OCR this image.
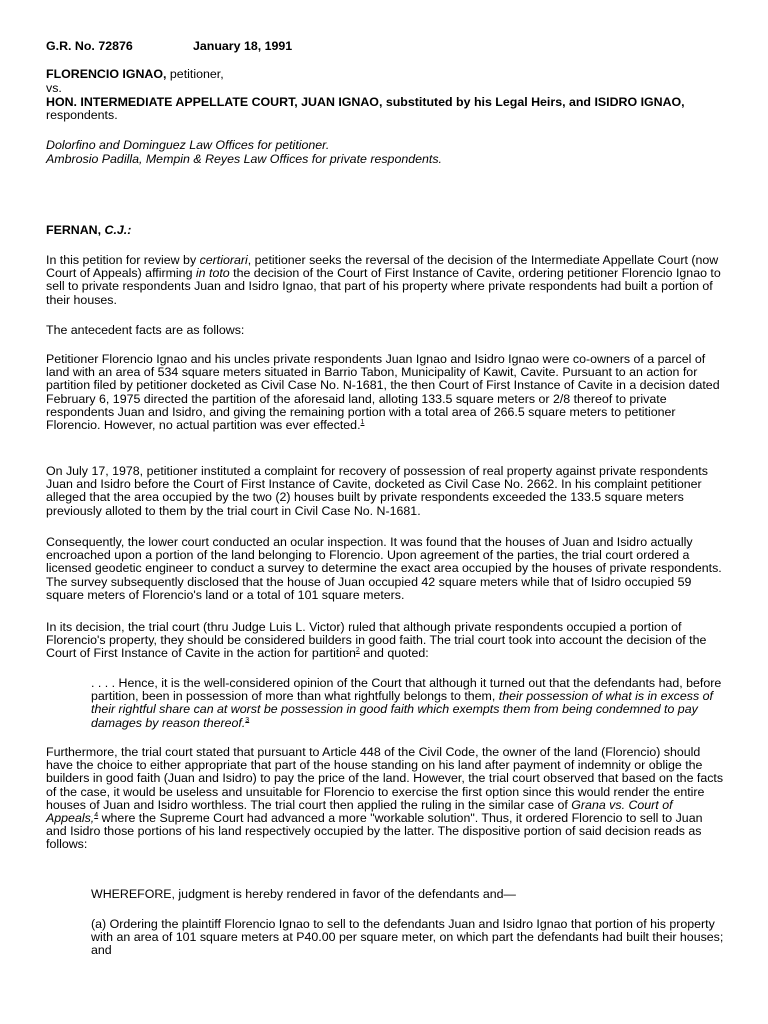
G.R. No. 72876	January 18, 1991
FLORENCIO IGNAO, petitioner,
vs.
HON. INTERMEDIATE APPELLATE COURT, JUAN IGNAO, substituted by his Legal Heirs, and ISIDRO IGNAO, respondents.
Dolorfino and Dominguez Law Offices for petitioner.
Ambrosio Padilla, Mempin & Reyes Law Offices for private respondents.
FERNAN, C.J.:
In this petition for review by certiorari, petitioner seeks the reversal of the decision of the Intermediate Appellate Court (now Court of Appeals) affirming in toto the decision of the Court of First Instance of Cavite, ordering petitioner Florencio Ignao to sell to private respondents Juan and Isidro Ignao, that part of his property where private respondents had built a portion of their houses.
The antecedent facts are as follows:
Petitioner Florencio Ignao and his uncles private respondents Juan Ignao and Isidro Ignao were co-owners of a parcel of land with an area of 534 square meters situated in Barrio Tabon, Municipality of Kawit, Cavite. Pursuant to an action for partition filed by petitioner docketed as Civil Case No. N-1681, the then Court of First Instance of Cavite in a decision dated February 6, 1975 directed the partition of the aforesaid land, alloting 133.5 square meters or 2/8 thereof to private respondents Juan and Isidro, and giving the remaining portion with a total area of 266.5 square meters to petitioner Florencio. However, no actual partition was ever effected.$^1$
On July 17, 1978, petitioner instituted a complaint for recovery of possession of real property against private respondents Juan and Isidro before the Court of First Instance of Cavite, docketed as Civil Case No. 2662. In his complaint petitioner alleged that the area occupied by the two (2) houses built by private respondents exceeded the 133.5 square meters previously alloted to them by the trial court in Civil Case No. N-1681.
Consequently, the lower court conducted an ocular inspection. It was found that the houses of Juan and Isidro actually encroached upon a portion of the land belonging to Florencio. Upon agreement of the parties, the trial court ordered a licensed geodetic engineer to conduct a survey to determine the exact area occupied by the houses of private respondents. The survey subsequently disclosed that the house of Juan occupied 42 square meters while that of Isidro occupied 59 square meters of Florencio's land or a total of 101 square meters.
In its decision, the trial court (thru Judge Luis L. Victor) ruled that although private respondents occupied a portion of Florencio's property, they should be considered builders in good faith. The trial court took into account the decision of the Court of First Instance of Cavite in the action for partition$^2$ and quoted:
. . . . Hence, it is the well-considered opinion of the Court that although it turned out that the defendants had, before partition, been in possession of more than what rightfully belongs to them, their possession of what is in excess of their rightful share can at worst be possession in good faith which exempts them from being condemned to pay damages by reason thereof.$^3$
Furthermore, the trial court stated that pursuant to Article 448 of the Civil Code, the owner of the land (Florencio) should have the choice to either appropriate that part of the house standing on his land after payment of indemnity or oblige the builders in good faith (Juan and Isidro) to pay the price of the land. However, the trial court observed that based on the facts of the case, it would be useless and unsuitable for Florencio to exercise the first option since this would render the entire houses of Juan and Isidro worthless. The trial court then applied the ruling in the similar case of Grana vs. Court of Appeals,$^4$ where the Supreme Court had advanced a more "workable solution". Thus, it ordered Florencio to sell to Juan and Isidro those portions of his land respectively occupied by the latter. The dispositive portion of said decision reads as follows:
WHEREFORE, judgment is hereby rendered in favor of the defendants and—
(a) Ordering the plaintiff Florencio Ignao to sell to the defendants Juan and Isidro Ignao that portion of his property with an area of 101 square meters at P40.00 per square meter, on which part the defendants had built their houses; and
